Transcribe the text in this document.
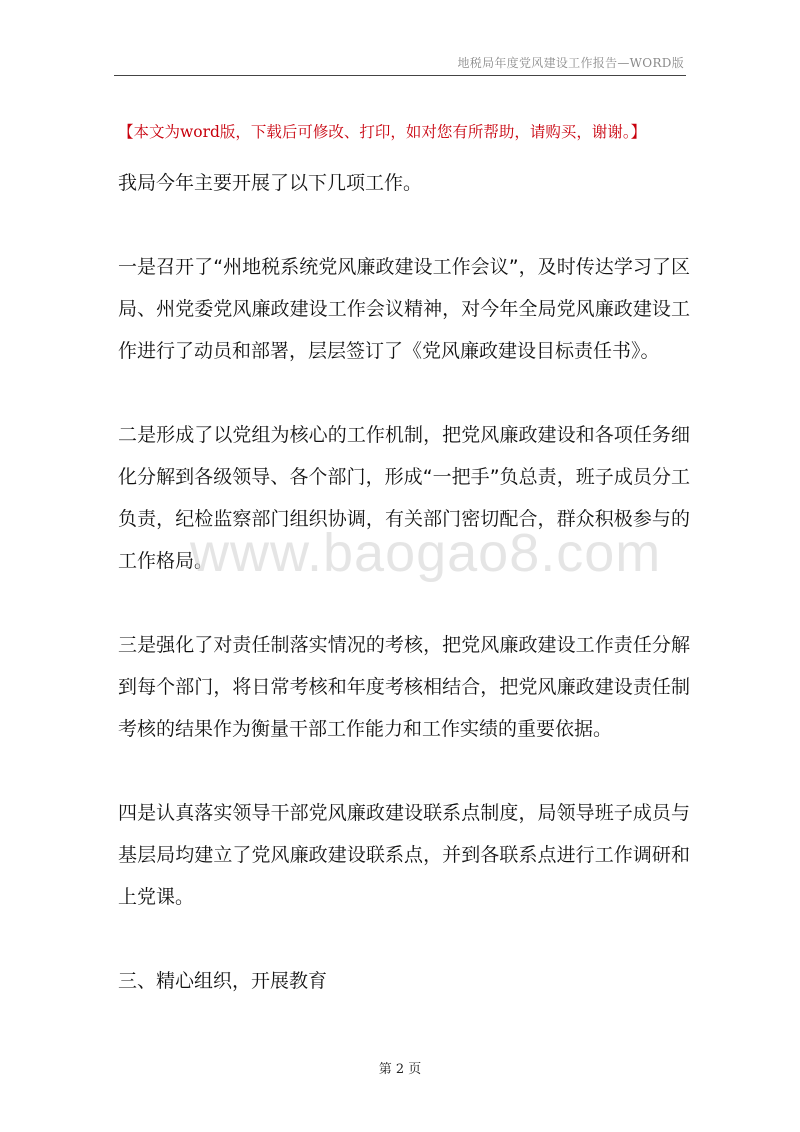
地税局年度党风建设工作报告—WORD版
【本文为word版，下载后可修改、打印，如对您有所帮助，请购买，谢谢。】

我局今年主要开展了以下几项工作。

一是召开了“州地税系统党风廉政建设工作会议”，及时传达学习了区局、州党委党风廉政建设工作会议精神，对今年全局党风廉政建设工作进行了动员和部署，层层签订了《党风廉政建设目标责任书》。

二是形成了以党组为核心的工作机制，把党风廉政建设和各项任务细化分解到各级领导、各个部门，形成“一把手”负总责，班子成员分工负责，纪检监察部门组织协调，有关部门密切配合，群众积极参与的工作格局。

三是强化了对责任制落实情况的考核，把党风廉政建设工作责任分解到每个部门，将日常考核和年度考核相结合，把党风廉政建设责任制考核的结果作为衡量干部工作能力和工作实绩的重要依据。

四是认真落实领导干部党风廉政建设联系点制度，局领导班子成员与基层局均建立了党风廉政建设联系点，并到各联系点进行工作调研和上党课。

三、精心组织，开展教育

www.baogao8.com
第 2 页
